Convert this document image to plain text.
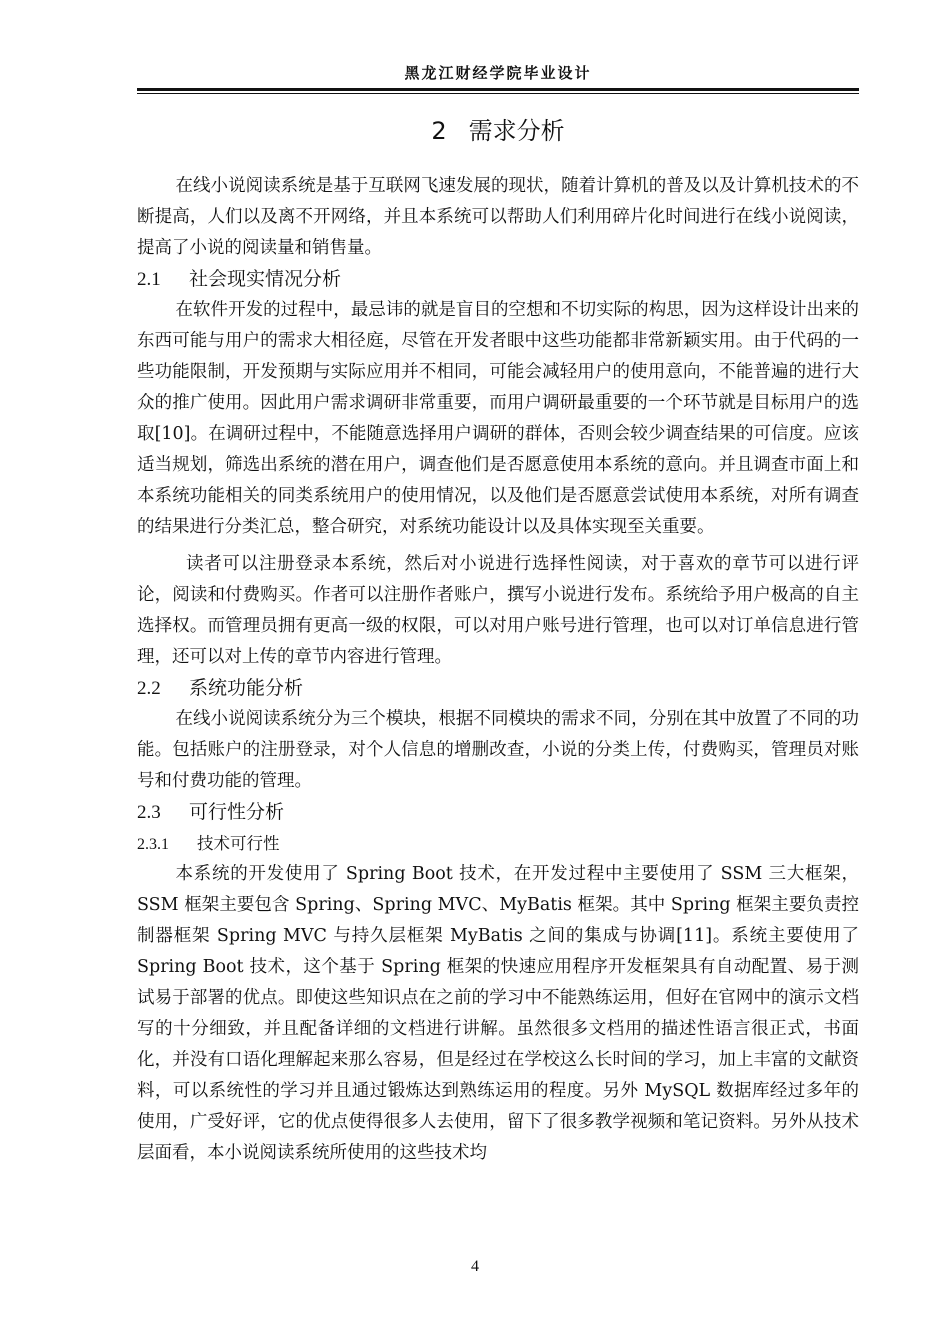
黑龙江财经学院毕业设计
2 需求分析

在线小说阅读系统是基于互联网飞速发展的现状，随着计算机的普及以及计算机技术的不断提高，人们以及离不开网络，并且本系统可以帮助人们利用碎片化时间进行在线小说阅读，提高了小说的阅读量和销售量。

2.1 社会现实情况分析

在软件开发的过程中，最忌讳的就是盲目的空想和不切实际的构思，因为这样设计出来的东西可能与用户的需求大相径庭，尽管在开发者眼中这些功能都非常新颖实用。由于代码的一些功能限制，开发预期与实际应用并不相同，可能会减轻用户的使用意向，不能普遍的进行大众的推广使用。因此用户需求调研非常重要，而用户调研最重要的一个环节就是目标用户的选取[10]。在调研过程中，不能随意选择用户调研的群体，否则会较少调查结果的可信度。应该适当规划，筛选出系统的潜在用户，调查他们是否愿意使用本系统的意向。并且调查市面上和本系统功能相关的同类系统用户的使用情况，以及他们是否愿意尝试使用本系统，对所有调查的结果进行分类汇总，整合研究，对系统功能设计以及具体实现至关重要。

读者可以注册登录本系统，然后对小说进行选择性阅读，对于喜欢的章节可以进行评论，阅读和付费购买。作者可以注册作者账户，撰写小说进行发布。系统给予用户极高的自主选择权。而管理员拥有更高一级的权限，可以对用户账号进行管理，也可以对订单信息进行管理，还可以对上传的章节内容进行管理。

2.2 系统功能分析

在线小说阅读系统分为三个模块，根据不同模块的需求不同，分别在其中放置了不同的功能。包括账户的注册登录，对个人信息的增删改查，小说的分类上传，付费购买，管理员对账号和付费功能的管理。

2.3 可行性分析
2.3.1 技术可行性

本系统的开发使用了 Spring Boot 技术，在开发过程中主要使用了 SSM 三大框架，SSM 框架主要包含 Spring、Spring MVC、MyBatis 框架。其中 Spring 框架主要负责控制器框架 Spring MVC 与持久层框架 MyBatis 之间的集成与协调[11]。系统主要使用了 Spring Boot 技术，这个基于 Spring 框架的快速应用程序开发框架具有自动配置、易于测试易于部署的优点。即使这些知识点在之前的学习中不能熟练运用，但好在官网中的演示文档写的十分细致，并且配备详细的文档进行讲解。虽然很多文档用的描述性语言很正式，书面化，并没有口语化理解起来那么容易，但是经过在学校这么长时间的学习，加上丰富的文献资料，可以系统性的学习并且通过锻炼达到熟练运用的程度。另外 MySQL 数据库经过多年的使用，广受好评，它的优点使得很多人去使用，留下了很多教学视频和笔记资料。另外从技术层面看，本小说阅读系统所使用的这些技术均

4
